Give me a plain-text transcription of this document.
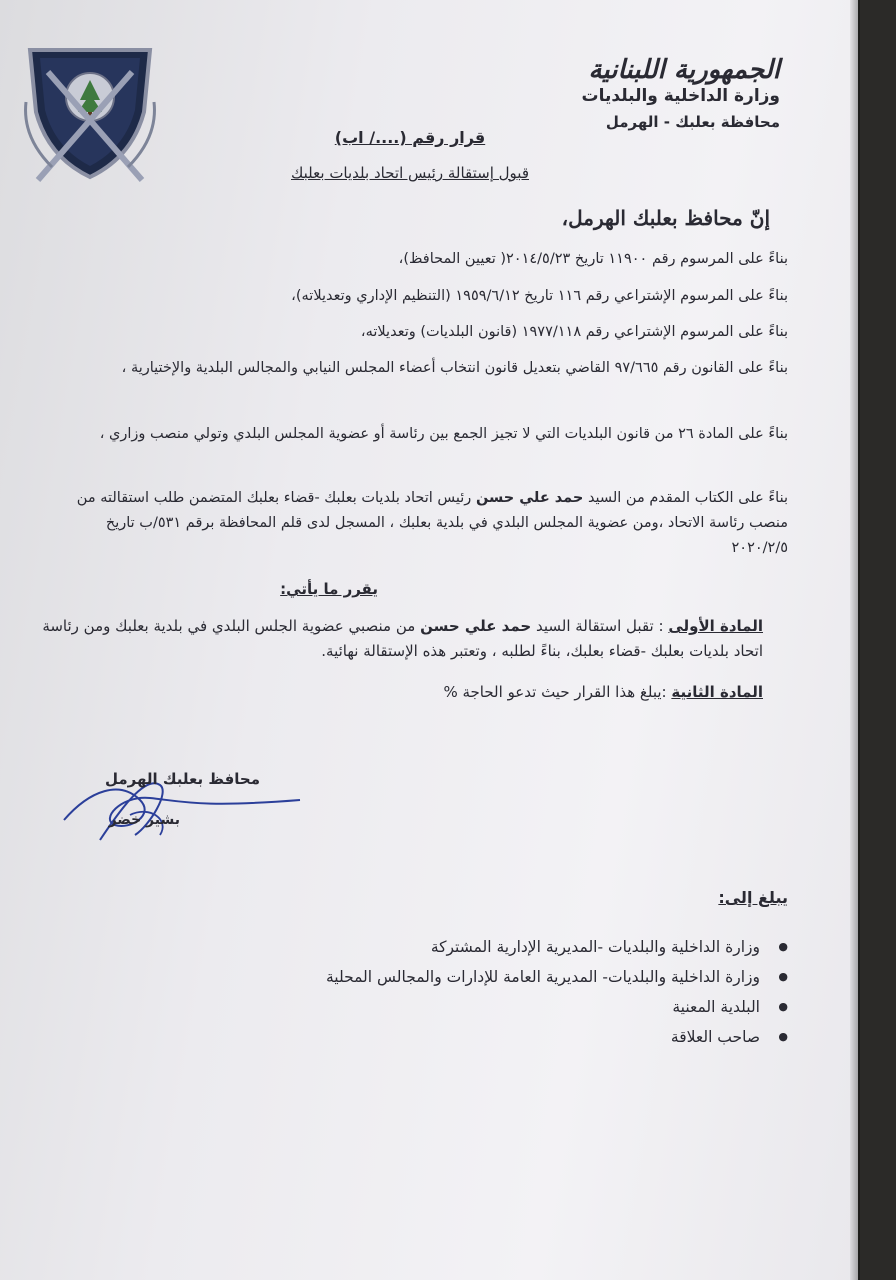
الجمهورية اللبنانية
وزارة الداخلية والبلديات
محافظة بعلبك - الهرمل
قرار رقم (..../ اب)
قبول إستقالة رئيس اتحاد بلديات بعلبك
إنّ محافظ بعلبك الهرمل،
بناءً على المرسوم رقم ١١٩٠٠ تاريخ ٢٠١٤/٥/٢٣( تعيين المحافظ)،
بناءً على المرسوم الإشتراعي رقم ١١٦ تاريخ ١٩٥٩/٦/١٢ (التنظيم الإداري وتعديلاته)،
بناءً على المرسوم الإشتراعي رقم ١٩٧٧/١١٨ (قانون البلديات) وتعديلاته،
بناءً على القانون رقم ٩٧/٦٦٥ القاضي بتعديل قانون انتخاب أعضاء المجلس النيابي والمجالس البلدية والإختيارية ،
بناءً على المادة ٢٦ من قانون البلديات التي لا تجيز الجمع بين رئاسة أو عضوية المجلس البلدي وتولي منصب وزاري ،
بناءً على الكتاب المقدم من السيد حمد علي حسن رئيس اتحاد بلديات بعلبك -قضاء بعلبك المتضمن طلب استقالته من منصب رئاسة الاتحاد ،ومن عضوية المجلس البلدي في بلدية بعلبك ، المسجل لدى قلم المحافظة برقم ٥٣١/ب تاريخ ٢٠٢٠/٢/٥
يقرر ما يأتي:
المادة الأولى : تقبل استقالة السيد حمد علي حسن من منصبي عضوية الجلس البلدي في بلدية بعلبك ومن رئاسة اتحاد بلديات بعلبك -قضاء بعلبك، بناءً لطلبه ، وتعتبر هذه الإستقالة نهائية.
المادة الثانية :يبلغ هذا القرار حيث تدعو الحاجة %
محافظ بعلبك الهرمل
بشير خضر
يبلغ إلى:
● وزارة الداخلية والبلديات -المديرية الإدارية المشتركة
● وزارة الداخلية والبلديات- المديرية العامة للإدارات والمجالس المحلية
● البلدية المعنية
● صاحب العلاقة
